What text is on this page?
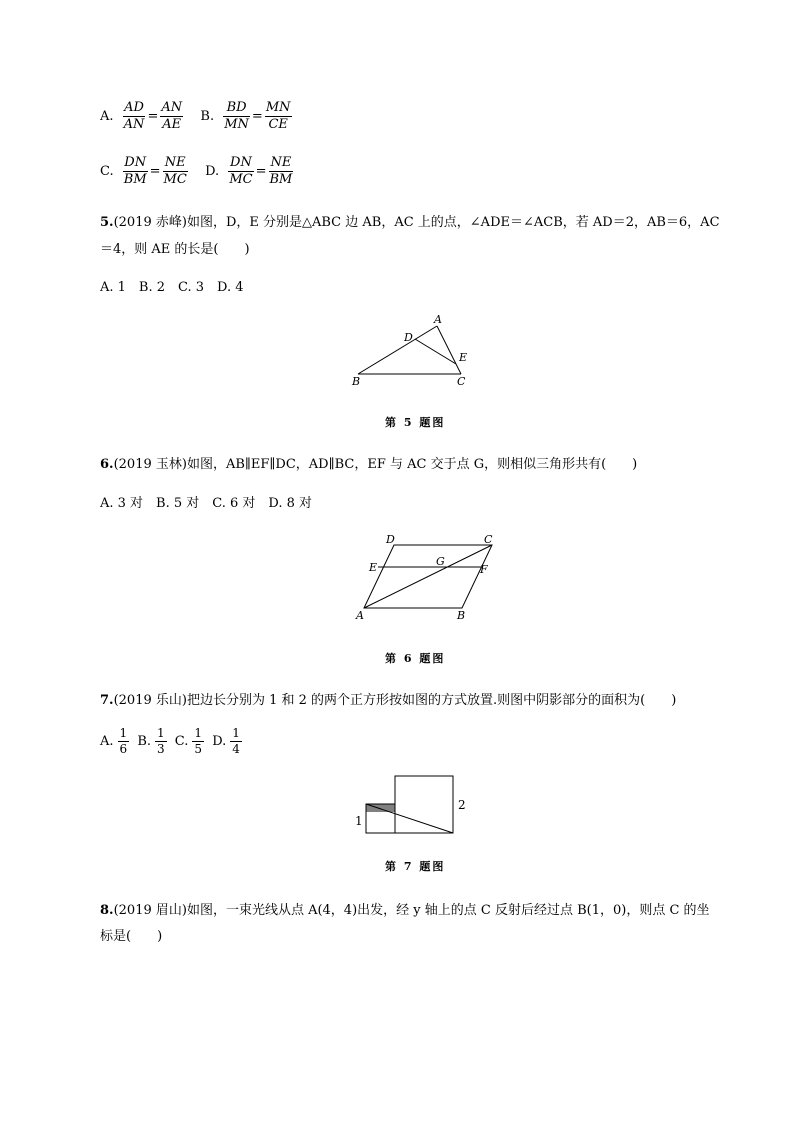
A. $\frac{AD}{AN} = \frac{AN}{AE} B$. $\frac{BD}{MN} = \frac{MN}{CE}$
C. $\frac{DN}{BM} = \frac{NE}{MC} D$. $\frac{DN}{MC} = \frac{NE}{BM}$
5.(2019 赤峰)如图，D，E 分别是△ABC 边 AB，AC 上的点，∠ADE＝∠ACB，若 AD＝2，AB＝6，AC
＝4，则 AE 的长是(　　)
A. 1　B. 2　C. 3　D. 4
A
D
E
B	C
第 5 题图
6.(2019 玉林)如图，AB∥EF∥DC，AD∥BC，EF 与 AC 交于点 G，则相似三角形共有(　　)
A. 3 对　B. 5 对　C. 6 对　D. 8 对
D	C
E	G
F
A	B
第 6 题图
7.(2019 乐山)把边长分别为 1 和 2 的两个正方形按如图的方式放置.则图中阴影部分的面积为(　　)
A. $\frac{1}{6} B$. $\frac{1}{3} C$. $\frac{1}{5} D$. $\frac{1}{4}$
1
2
第 7 题图
8.(2019 眉山)如图，一束光线从点 A(4，4)出发，经 y 轴上的点 C 反射后经过点 B(1，0)，则点 C 的坐
标是(　　)
